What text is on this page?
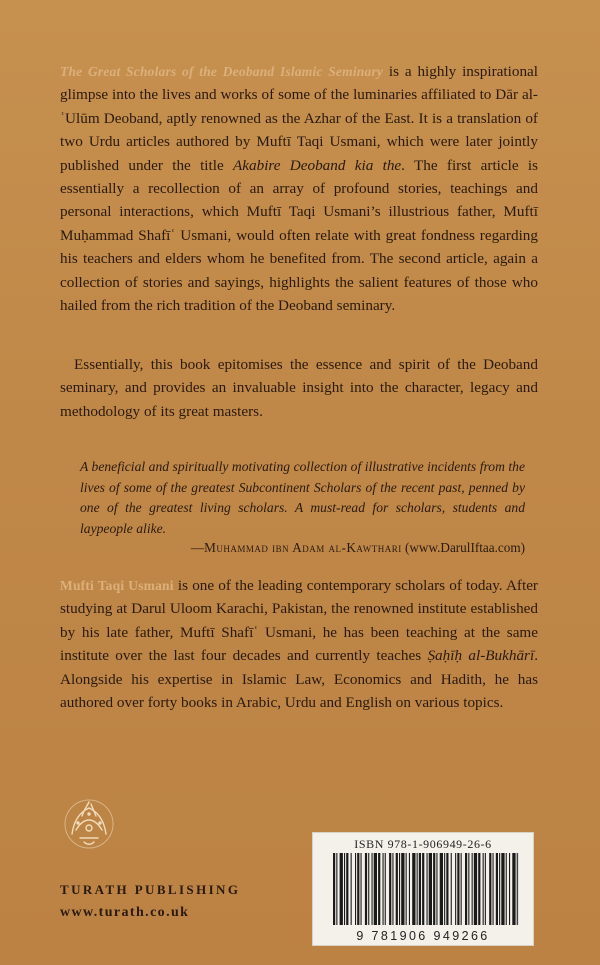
The Great Scholars of the Deoband Islamic Seminary is a highly inspirational glimpse into the lives and works of some of the luminaries affiliated to Dār al-ʿUlūm Deoband, aptly renowned as the Azhar of the East. It is a translation of two Urdu articles authored by Muftī Taqi Usmani, which were later jointly published under the title Akabire Deoband kia the. The first article is essentially a recollection of an array of profound stories, teachings and personal interactions, which Muftī Taqi Usmani’s illustrious father, Muftī Muḥammad Shafīʿ Usmani, would often relate with great fondness regarding his teachers and elders whom he benefited from. The second article, again a collection of stories and sayings, highlights the salient features of those who hailed from the rich tradition of the Deoband seminary.

Essentially, this book epitomises the essence and spirit of the Deoband seminary, and provides an invaluable insight into the character, legacy and methodology of its great masters.

A beneficial and spiritually motivating collection of illustrative incidents from the lives of some of the greatest Subcontinent Scholars of the recent past, penned by one of the greatest living scholars. A must-read for scholars, students and laypeople alike.

—Muhammad ibn Adam al-Kawthari (www.DarulIftaa.com)

Mufti Taqi Usmani is one of the leading contemporary scholars of today. After studying at Darul Uloom Karachi, Pakistan, the renowned institute established by his late father, Muftī Shafīʿ Usmani, he has been teaching at the same institute over the last four decades and currently teaches Ṣaḥīḥ al-Bukhārī. Alongside his expertise in Islamic Law, Economics and Hadith, he has authored over forty books in Arabic, Urdu and English on various topics.

TURATH PUBLISHING

www.turath.co.uk

ISBN 978-1-906949-26-6
9 781906 949266
